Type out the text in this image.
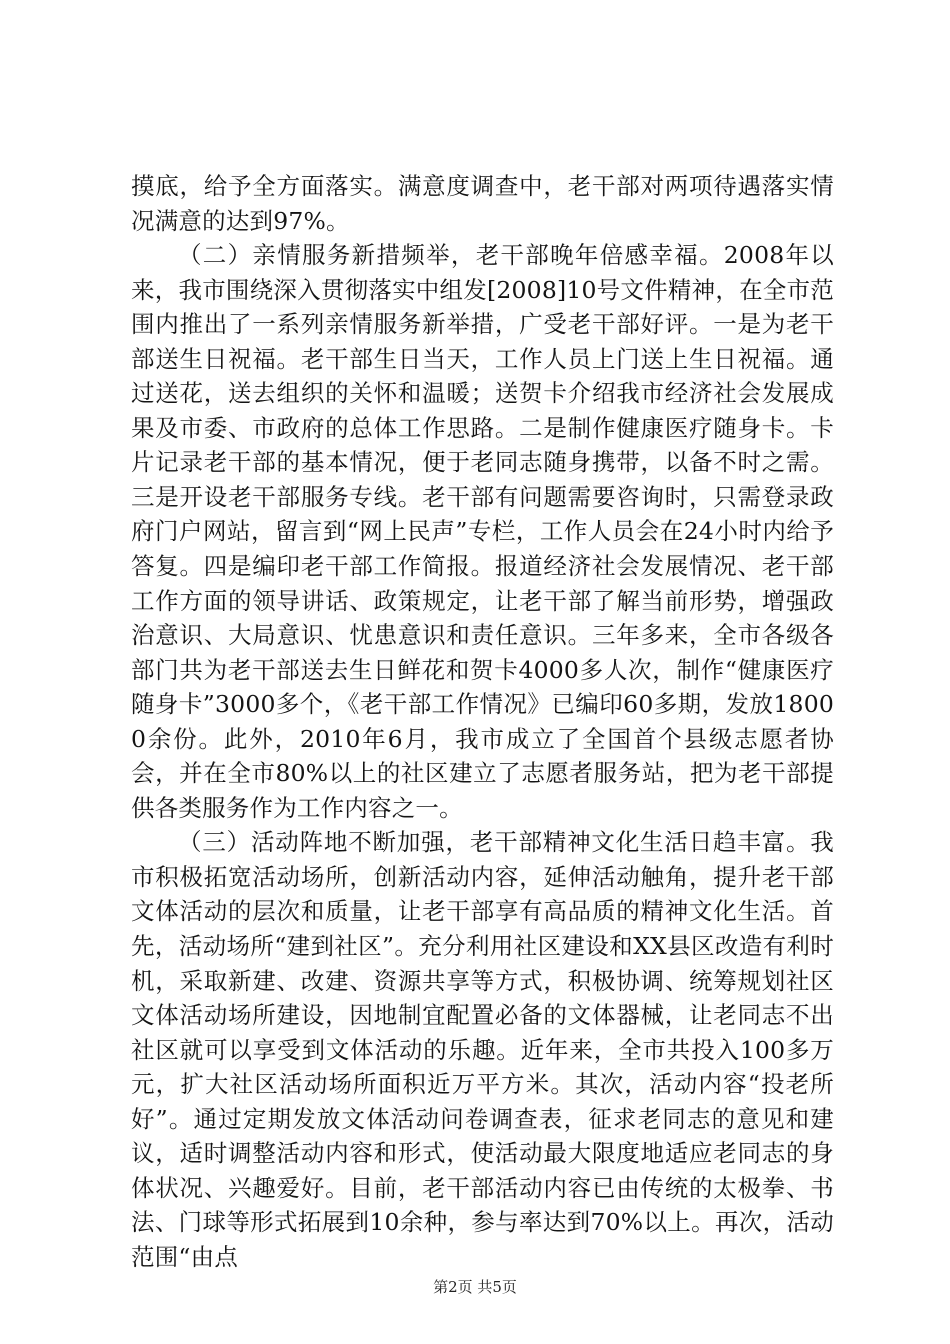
摸底，给予全方面落实。满意度调查中，老干部对两项待遇落实情况满意的达到97%。

（二）亲情服务新措频举，老干部晚年倍感幸福。2008年以来，我市围绕深入贯彻落实中组发[2008]10号文件精神，在全市范围内推出了一系列亲情服务新举措，广受老干部好评。一是为老干部送生日祝福。老干部生日当天，工作人员上门送上生日祝福。通过送花，送去组织的关怀和温暖；送贺卡介绍我市经济社会发展成果及市委、市政府的总体工作思路。二是制作健康医疗随身卡。卡片记录老干部的基本情况，便于老同志随身携带，以备不时之需。三是开设老干部服务专线。老干部有问题需要咨询时，只需登录政府门户网站，留言到“网上民声”专栏，工作人员会在24小时内给予答复。四是编印老干部工作简报。报道经济社会发展情况、老干部工作方面的领导讲话、政策规定，让老干部了解当前形势，增强政治意识、大局意识、忧患意识和责任意识。三年多来，全市各级各部门共为老干部送去生日鲜花和贺卡4000多人次，制作“健康医疗随身卡”3000多个，《老干部工作情况》已编印60多期，发放18000余份。此外，2010年6月，我市成立了全国首个县级志愿者协会，并在全市80%以上的社区建立了志愿者服务站，把为老干部提供各类服务作为工作内容之一。

（三）活动阵地不断加强，老干部精神文化生活日趋丰富。我市积极拓宽活动场所，创新活动内容，延伸活动触角，提升老干部文体活动的层次和质量，让老干部享有高品质的精神文化生活。首先，活动场所“建到社区”。充分利用社区建设和XX县区改造有利时机，采取新建、改建、资源共享等方式，积极协调、统筹规划社区文体活动场所建设，因地制宜配置必备的文体器械，让老同志不出社区就可以享受到文体活动的乐趣。近年来，全市共投入100多万元，扩大社区活动场所面积近万平方米。其次，活动内容“投老所好”。通过定期发放文体活动问卷调查表，征求老同志的意见和建议，适时调整活动内容和形式，使活动最大限度地适应老同志的身体状况、兴趣爱好。目前，老干部活动内容已由传统的太极拳、书法、门球等形式拓展到10余种，参与率达到70%以上。再次，活动范围“由点

第2页 共5页
